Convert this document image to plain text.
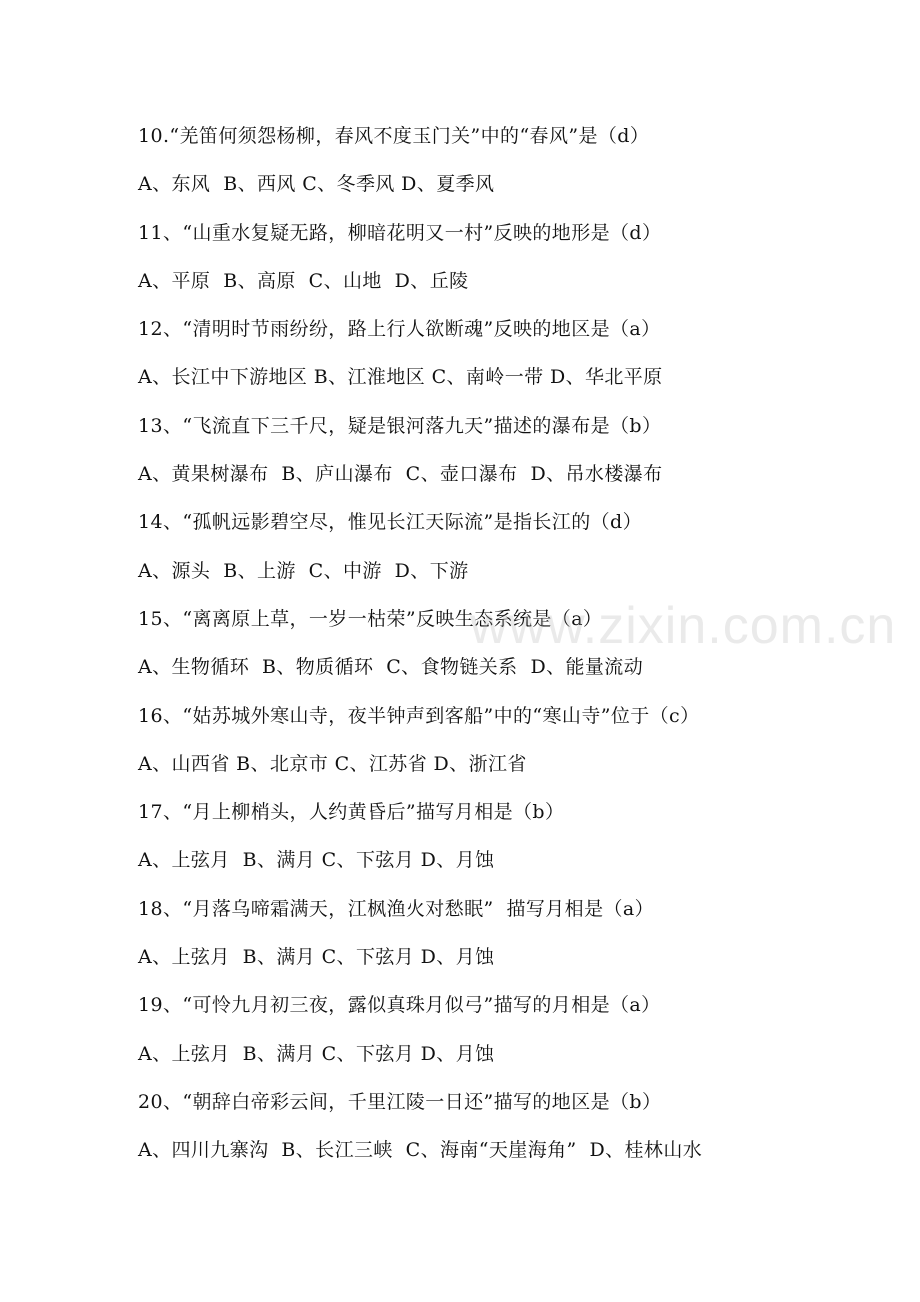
10.“羌笛何须怨杨柳，春风不度玉门关”中的“春风”是（d）
A、东风  B、西风 C、冬季风 D、夏季风
11、“山重水复疑无路，柳暗花明又一村”反映的地形是（d）
A、平原  B、高原  C、山地  D、丘陵
12、“清明时节雨纷纷，路上行人欲断魂”反映的地区是（a）
A、长江中下游地区 B、江淮地区 C、南岭一带 D、华北平原
13、“飞流直下三千尺，疑是银河落九天”描述的瀑布是（b）
A、黄果树瀑布  B、庐山瀑布  C、壶口瀑布  D、吊水楼瀑布
14、“孤帆远影碧空尽，惟见长江天际流”是指长江的（d）
A、源头  B、上游  C、中游  D、下游
15、“离离原上草，一岁一枯荣”反映生态系统是（a）
A、生物循环  B、物质循环  C、食物链关系  D、能量流动
16、“姑苏城外寒山寺，夜半钟声到客船”中的“寒山寺”位于（c）
A、山西省 B、北京市 C、江苏省 D、浙江省
17、“月上柳梢头，人约黄昏后”描写月相是（b）
A、上弦月  B、满月 C、下弦月 D、月蚀
18、“月落乌啼霜满天，江枫渔火对愁眠”  描写月相是（a）
A、上弦月  B、满月 C、下弦月 D、月蚀
19、“可怜九月初三夜，露似真珠月似弓”描写的月相是（a）
A、上弦月  B、满月 C、下弦月 D、月蚀
20、“朝辞白帝彩云间，千里江陵一日还”描写的地区是（b）
A、四川九寨沟  B、长江三峡  C、海南“天崖海角”  D、桂林山水
www.zixin.com.cn
